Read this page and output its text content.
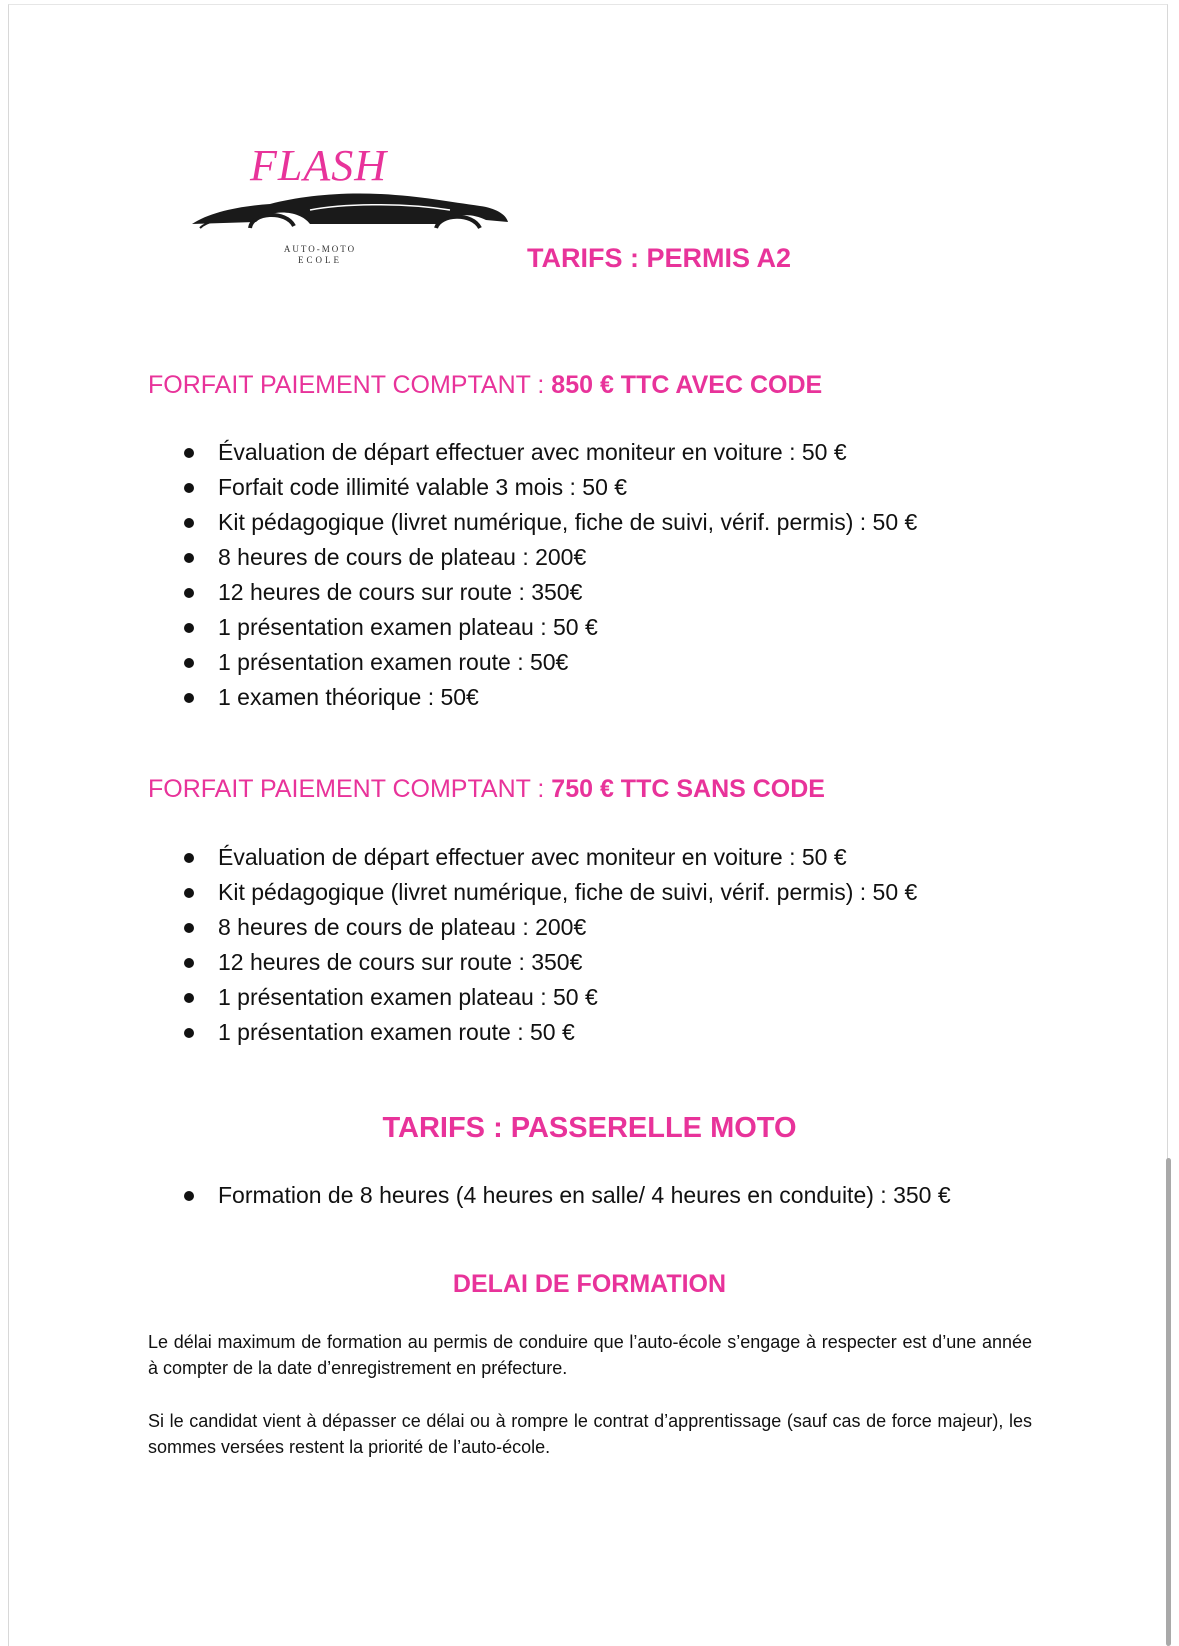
FLASH
AUTO-MOTO
ECOLE	TARIFS : PERMIS A2
FORFAIT PAIEMENT COMPTANT : 850 € TTC AVEC CODE
Évaluation de départ effectuer avec moniteur en voiture : 50 €
Forfait code illimité valable 3 mois : 50 €
Kit pédagogique (livret numérique, fiche de suivi, vérif. permis) : 50 €
8 heures de cours de plateau : 200€
12 heures de cours sur route : 350€
1 présentation examen plateau : 50 €
1 présentation examen route : 50€
1 examen théorique : 50€
FORFAIT PAIEMENT COMPTANT : 750 € TTC SANS CODE
Évaluation de départ effectuer avec moniteur en voiture : 50 €
Kit pédagogique (livret numérique, fiche de suivi, vérif. permis) : 50 €
8 heures de cours de plateau : 200€
12 heures de cours sur route : 350€
1 présentation examen plateau : 50 €
1 présentation examen route : 50 €
TARIFS : PASSERELLE MOTO
Formation de 8 heures (4 heures en salle/ 4 heures en conduite) : 350 €
DELAI DE FORMATION

Le délai maximum de formation au permis de conduire que l’auto-école s’engage à respecter est d’une année à compter de la date d’enregistrement en préfecture.

Si le candidat vient à dépasser ce délai ou à rompre le contrat d’apprentissage (sauf cas de force majeur), les sommes versées restent la priorité de l’auto-école.
